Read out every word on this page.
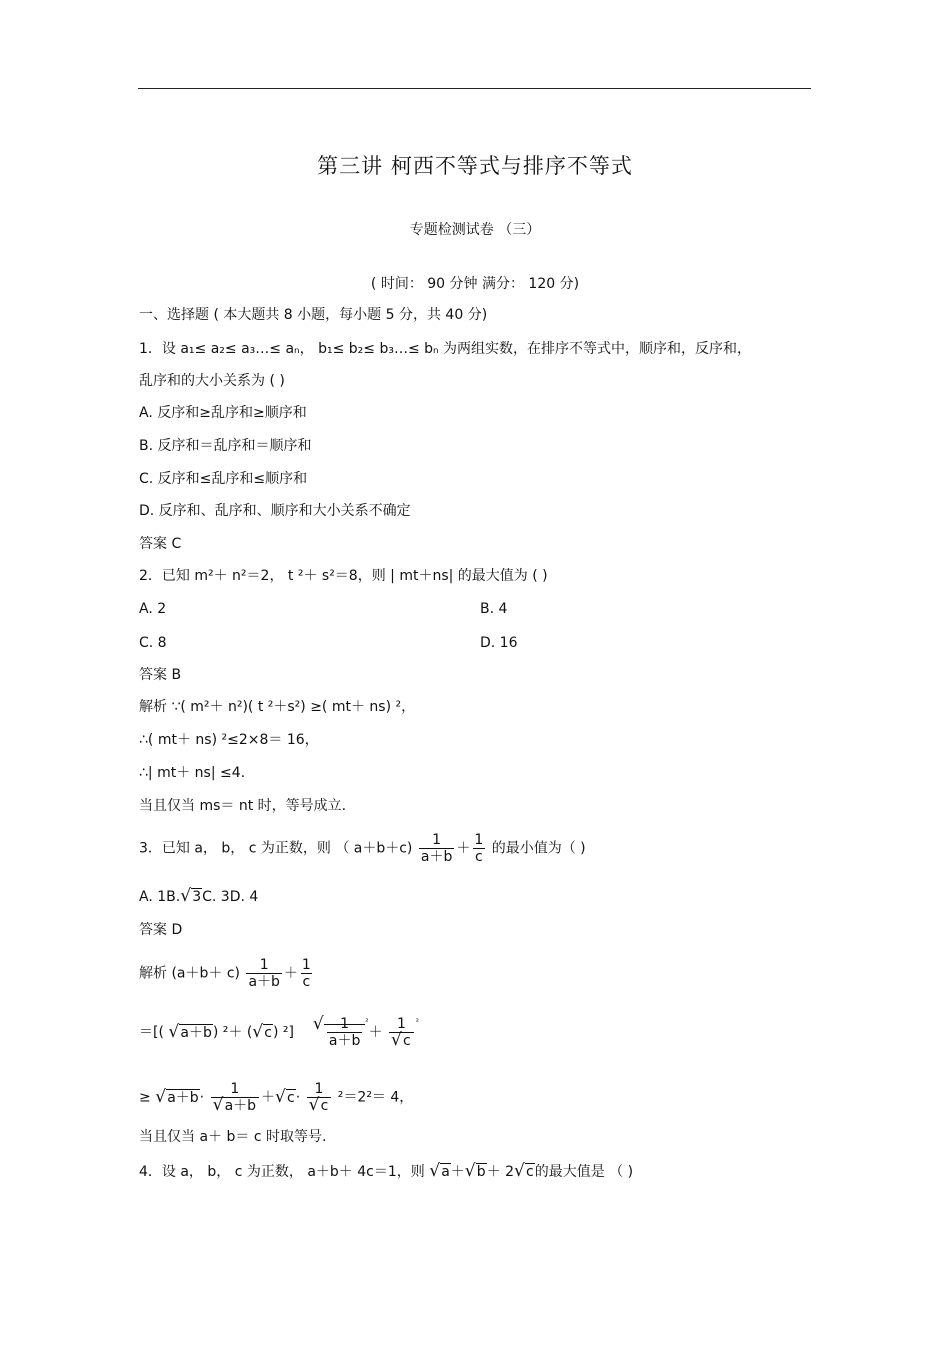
第三讲 柯西不等式与排序不等式
专题检测试卷 （三）
( 时间： 90 分钟 满分： 120 分)
一、选择题 ( 本大题共 8 小题，每小题 5 分，共 40 分)
1．设 a₁≤ a₂≤ a₃…≤ aₙ， b₁≤ b₂≤ b₃…≤ bₙ 为两组实数，在排序不等式中，顺序和，反序和，
乱序和的大小关系为 ( )
A. 反序和≥乱序和≥顺序和
B. 反序和＝乱序和＝顺序和
C. 反序和≤乱序和≤顺序和
D. 反序和、乱序和、顺序和大小关系不确定
答案 C
2．已知 m²＋ n²＝2， t ²＋ s²＝8，则 | mt＋ns| 的最大值为 ( )
A. 2	B. 4
C. 8	D. 16
答案 B
解析 ∵( m²＋ n²)( t ²＋s²) ≥( mt＋ ns) ²，
∴( mt＋ ns) ²≤2×8＝ 16，
∴| mt＋ ns| ≤4.
当且仅当 ms＝ nt 时，等号成立.
3．已知 a， b， c 为正数，则 （ $a+b+c) \frac{1}{a+b} + \frac{1}{c}$ 的最小值为（ )
A. 1B. √ 3C. 3D. 4
答案 D
解析 $(a+b+ c) \frac{1}{a+b} + \frac{1}{c}$
＝[( √ a＋b) ²＋ ( √ c) ²] √ $\frac{1}{a+b} ^{^2}+ 1$
√ c $^{^2}$
≥ √ a＋b· 1
√ a＋b ＋ √ c· 1
√ c ²＝2²＝ 4，
当且仅当 a＋ b＝ c 时取等号.
4．设 a， b， c 为正数， a＋b＋ 4c＝1，则 √ a＋ √ b＋ 2 √ c的最大值是 （ )
